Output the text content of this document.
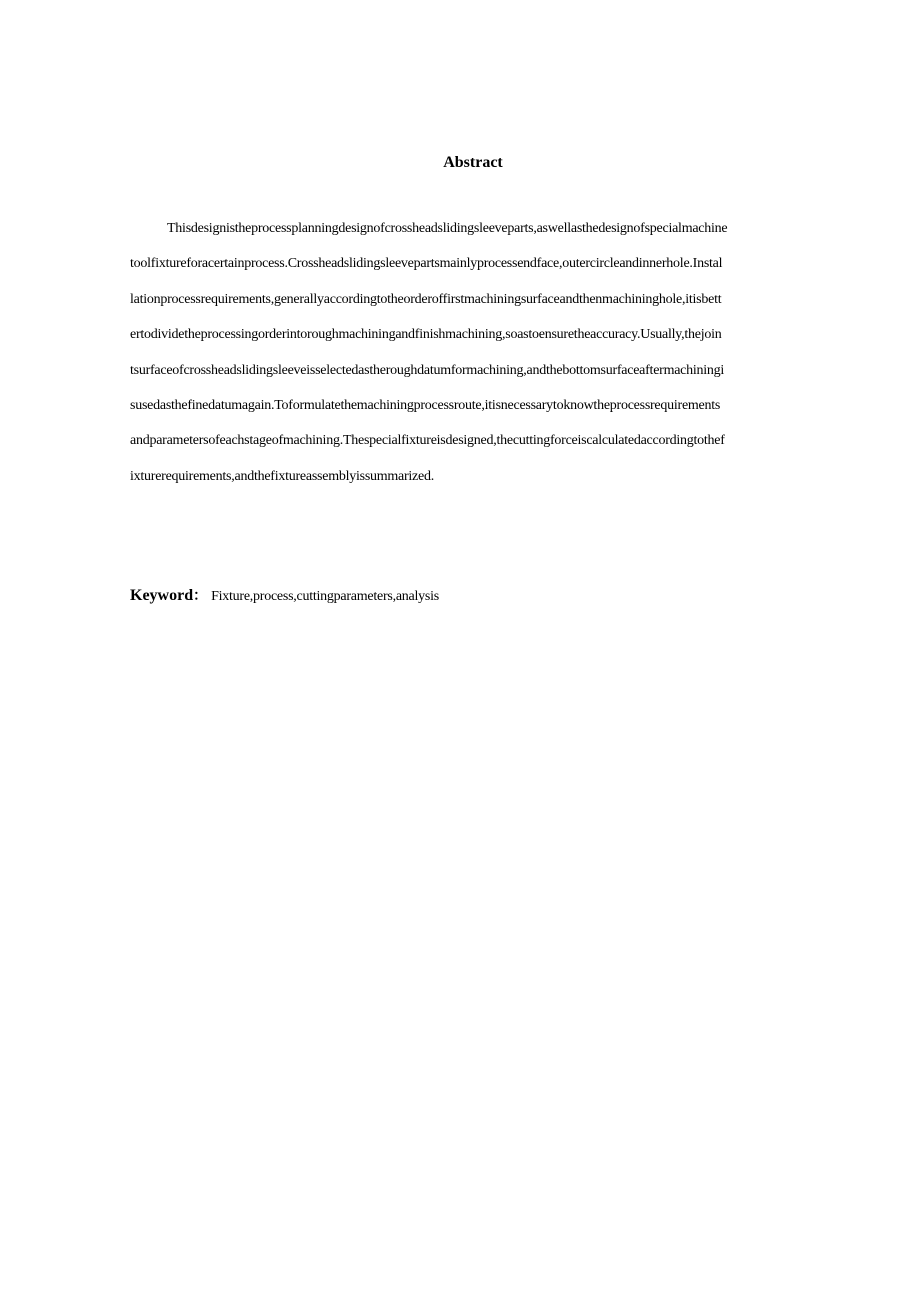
Abstract
Thisdesignistheprocessplanningdesignofcrossheadslidingsleeveparts,aswellasthedesignofspecialmachine
toolfixtureforacertainprocess.Crossheadslidingsleevepartsmainlyprocessendface,outercircleandinnerhole.Instal
lationprocessrequirements,generallyaccordingtotheorderoffirstmachiningsurfaceandthenmachininghole,itisbett
ertodividetheprocessingorderintoroughmachiningandfinishmachining,soastoensuretheaccuracy.Usually,thejoin
tsurfaceofcrossheadslidingsleeveisselectedastheroughdatumformachining,andthebottomsurfaceaftermachiningi
susedasthefinedatumagain.Toformulatethemachiningprocessroute,itisnecessarytoknowtheprocessrequirements
andparametersofeachstageofmachining.Thespecialfixtureisdesigned,thecuttingforceiscalculatedaccordingtothef
ixturerequirements,andthefixtureassemblyissummarized.
Keyword： Fixture,process,cuttingparameters,analysis
